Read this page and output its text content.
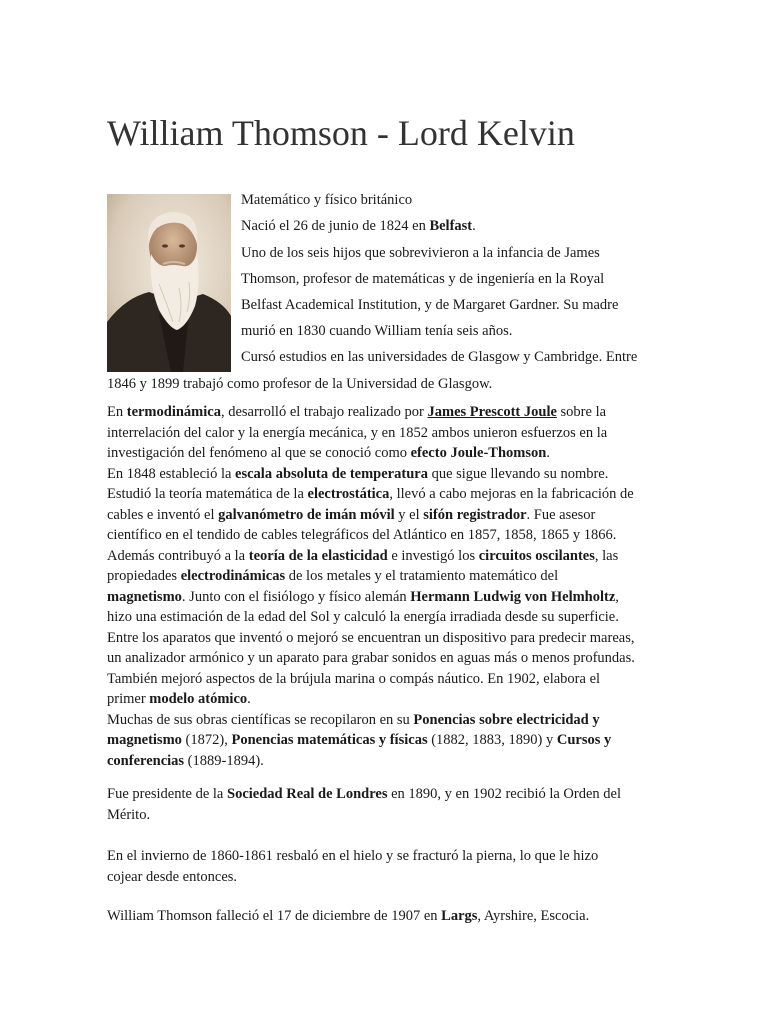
William Thomson - Lord Kelvin
Matemático y físico británico
Nació el 26 de junio de 1824 en Belfast.
Uno de los seis hijos que sobrevivieron a la infancia de James
Thomson, profesor de matemáticas y de ingeniería en la Royal
Belfast Academical Institution, y de Margaret Gardner. Su madre
murió en 1830 cuando William tenía seis años.
Cursó estudios en las universidades de Glasgow y Cambridge. Entre
1846 y 1899 trabajó como profesor de la Universidad de Glasgow.

En termodinámica, desarrolló el trabajo realizado por James Prescott Joule sobre la interrelación del calor y la energía mecánica, y en 1852 ambos unieron esfuerzos en la investigación del fenómeno al que se conoció como efecto Joule-Thomson.
En 1848 estableció la escala absoluta de temperatura que sigue llevando su nombre. Estudió la teoría matemática de la electrostática, llevó a cabo mejoras en la fabricación de cables e inventó el galvanómetro de imán móvil y el sifón registrador. Fue asesor científico en el tendido de cables telegráficos del Atlántico en 1857, 1858, 1865 y 1866. Además contribuyó a la teoría de la elasticidad e investigó los circuitos oscilantes, las propiedades electrodinámicas de los metales y el tratamiento matemático del magnetismo. Junto con el fisiólogo y físico alemán Hermann Ludwig von Helmholtz, hizo una estimación de la edad del Sol y calculó la energía irradiada desde su superficie. Entre los aparatos que inventó o mejoró se encuentran un dispositivo para predecir mareas, un analizador armónico y un aparato para grabar sonidos en aguas más o menos profundas. También mejoró aspectos de la brújula marina o compás náutico. En 1902, elabora el primer modelo atómico.
Muchas de sus obras científicas se recopilaron en su Ponencias sobre electricidad y magnetismo (1872), Ponencias matemáticas y físicas (1882, 1883, 1890) y Cursos y conferencias (1889-1894).

Fue presidente de la Sociedad Real de Londres en 1890, y en 1902 recibió la Orden del Mérito.

En el invierno de 1860-1861 resbaló en el hielo y se fracturó la pierna, lo que le hizo cojear desde entonces.

William Thomson falleció el 17 de diciembre de 1907 en Largs, Ayrshire, Escocia.
